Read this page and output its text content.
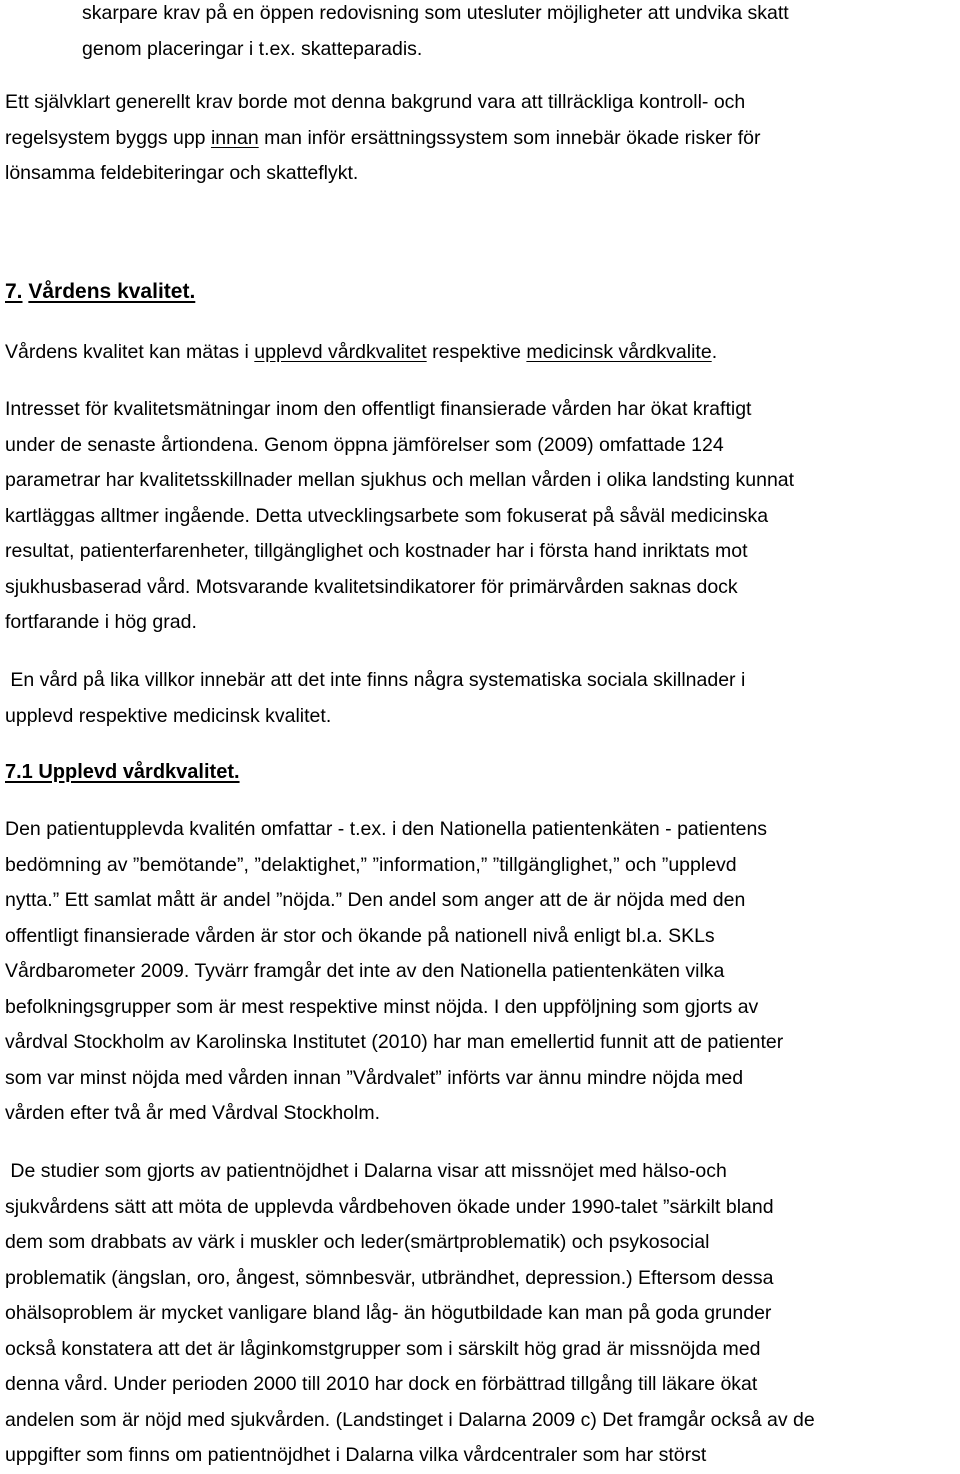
skarpare krav på en öppen redovisning som utesluter möjligheter att undvika skatt
genom placeringar i t.ex. skatteparadis.

Ett självklart generellt krav borde mot denna bakgrund vara att tillräckliga kontroll- och
regelsystem byggs upp innan man inför ersättningssystem som innebär ökade risker för
lönsamma feldebiteringar och skatteflykt.

7. Vårdens kvalitet.

Vårdens kvalitet kan mätas i upplevd vårdkvalitet respektive medicinsk vårdkvalite.

Intresset för kvalitetsmätningar inom den offentligt finansierade vården har ökat kraftigt
under de senaste årtiondena. Genom öppna jämförelser som (2009) omfattade 124
parametrar har kvalitetsskillnader mellan sjukhus och mellan vården i olika landsting kunnat
kartläggas alltmer ingående. Detta utvecklingsarbete som fokuserat på såväl medicinska
resultat, patienterfarenheter, tillgänglighet och kostnader har i första hand inriktats mot
sjukhusbaserad vård. Motsvarande kvalitetsindikatorer för primärvården saknas dock
fortfarande i hög grad.

En vård på lika villkor innebär att det inte finns några systematiska sociala skillnader i
upplevd respektive medicinsk kvalitet.

7.1 Upplevd vårdkvalitet.

Den patientupplevda kvalitén omfattar - t.ex. i den Nationella patientenkäten - patientens
bedömning av ”bemötande”, ”delaktighet,” ”information,” ”tillgänglighet,” och ”upplevd
nytta.” Ett samlat mått är andel ”nöjda.” Den andel som anger att de är nöjda med den
offentligt finansierade vården är stor och ökande på nationell nivå enligt bl.a. SKLs
Vårdbarometer 2009. Tyvärr framgår det inte av den Nationella patientenkäten vilka
befolkningsgrupper som är mest respektive minst nöjda. I den uppföljning som gjorts av
vårdval Stockholm av Karolinska Institutet (2010) har man emellertid funnit att de patienter
som var minst nöjda med vården innan ”Vårdvalet” införts var ännu mindre nöjda med
vården efter två år med Vårdval Stockholm.

De studier som gjorts av patientnöjdhet i Dalarna visar att missnöjet med hälso-och
sjukvårdens sätt att möta de upplevda vårdbehoven ökade under 1990-talet ”särkilt bland
dem som drabbats av värk i muskler och leder(smärtproblematik) och psykosocial
problematik (ängslan, oro, ångest, sömnbesvär, utbrändhet, depression.) Eftersom dessa
ohälsoproblem är mycket vanligare bland låg- än högutbildade kan man på goda grunder
också konstatera att det är låginkomstgrupper som i särskilt hög grad är missnöjda med
denna vård. Under perioden 2000 till 2010 har dock en förbättrad tillgång till läkare ökat
andelen som är nöjd med sjukvården. (Landstinget i Dalarna 2009 c) Det framgår också av de
uppgifter som finns om patientnöjdhet i Dalarna vilka vårdcentraler som har störst
